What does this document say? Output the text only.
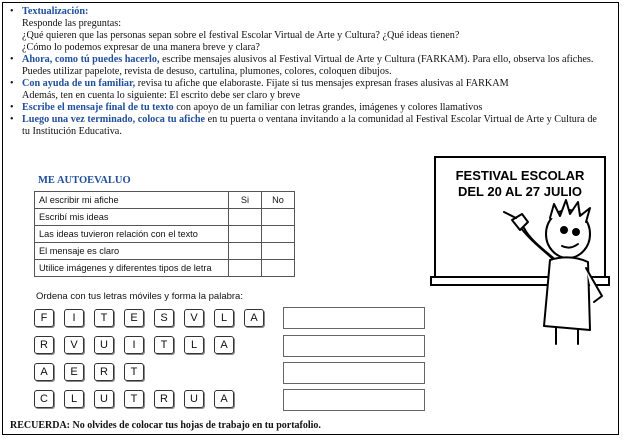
• Textualización:
Responde las preguntas:
¿Qué quieren que las personas sepan sobre el festival Escolar Virtual de Arte y Cultura? ¿Qué ideas tienen?
¿Cómo lo podemos expresar de una manera breve y clara?
• Ahora, como tú puedes hacerlo, escribe mensajes alusivos al Festival Virtual de Arte y Cultura (FARKAM). Para ello, observa los afiches. Puedes utilizar papelote, revista de desuso, cartulina, plumones, colores, coloquen dibujos.
• Con ayuda de un familiar, revisa tu afiche que elaboraste. Fíjate si tus mensajes expresan frases alusivas al FARKAM
Además, ten en cuenta lo siguiente: El escrito debe ser claro y breve
• Escribe el mensaje final de tu texto con apoyo de un familiar con letras grandes, imágenes y colores llamativos
• Luego una vez terminado, coloca tu afiche en tu puerta o ventana invitando a la comunidad al Festival Escolar Virtual de Arte y Cultura de tu Institución Educativa.
ME AUTOEVALUO
Al escribir mi afiche	Si	No
Escribí mis ideas		
Las ideas tuvieron relación con el texto		
El mensaje es claro		
Utilice imágenes y diferentes tipos de letra		
Ordena con tus letras móviles y forma la palabra:
F	I	T	E	S	V	L	A
R	V	U	I	T	L	A
A	E	R	T
C	L	U	T	R	U	A
FESTIVAL ESCOLAR
DEL 20 AL 27 JULIO
RECUERDA: No olvides de colocar tus hojas de trabajo en tu portafolio.
